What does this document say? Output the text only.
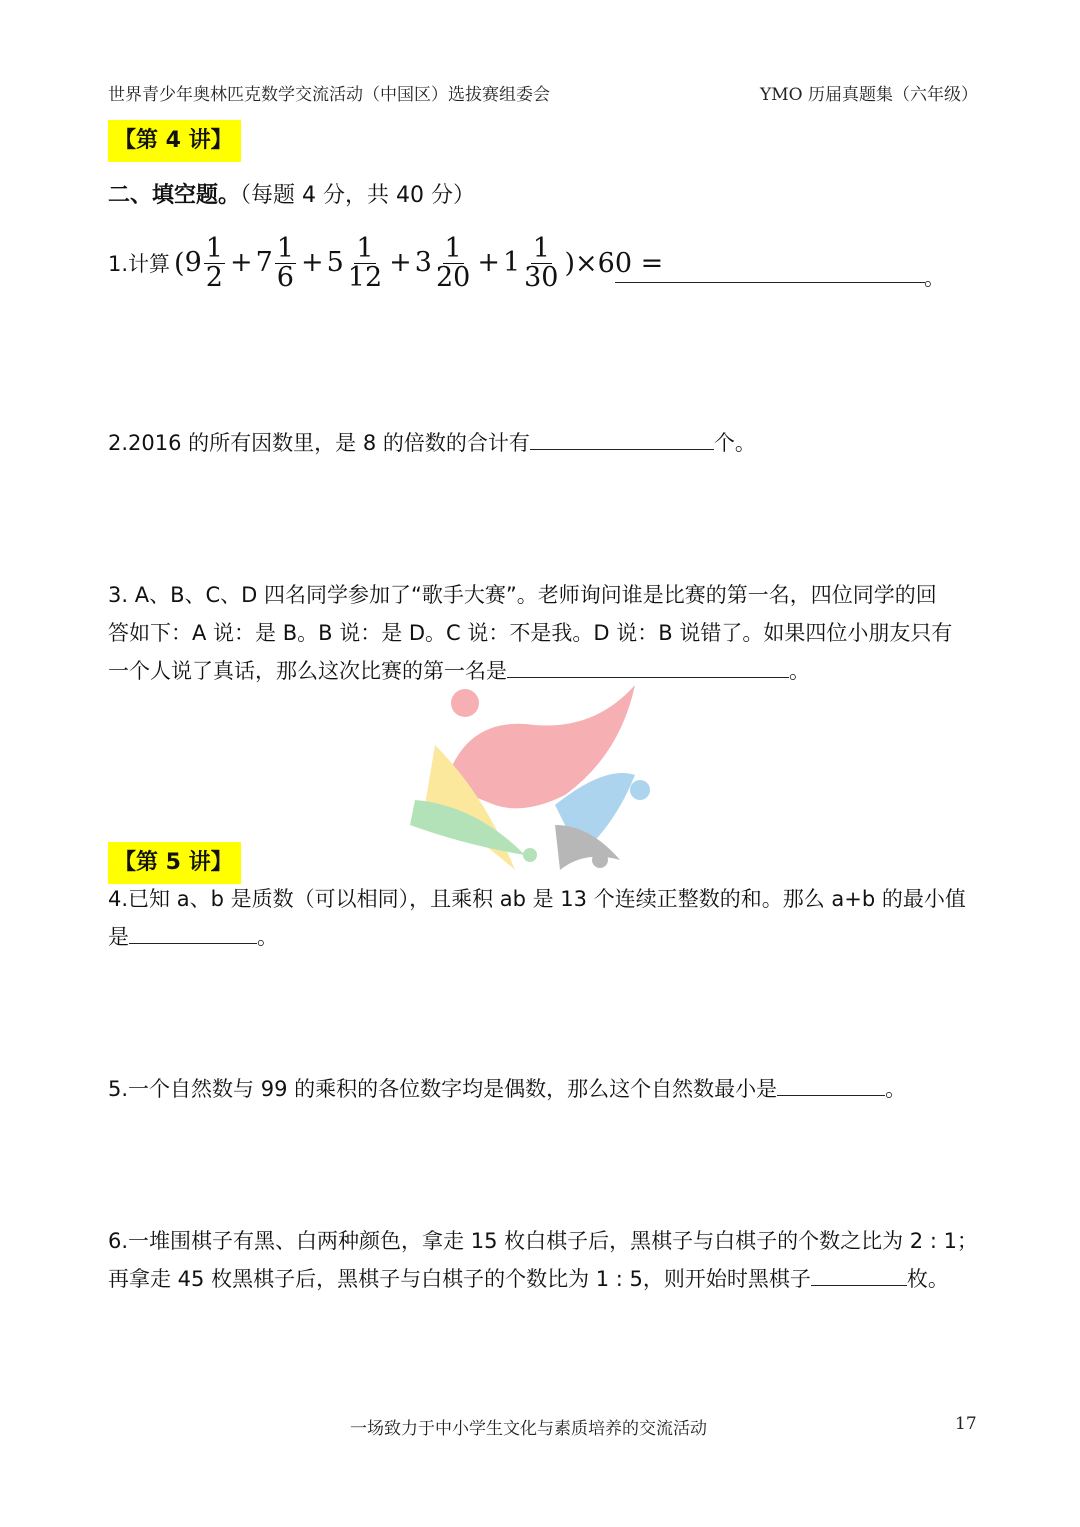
世界青少年奥林匹克数学交流活动（中国区）选拔赛组委会	YMO 历届真题集（六年级）
【第 4 讲】
二、填空题。（每题 4 分，共 40 分）
1.计算 ( $9 \frac{1}{2} + 7 \frac{1}{6} + 5 \frac{1}{12} + 3 \frac{1}{20} + 1 \frac{1}{30} )\times 60$ =	。
2.2016 的所有因数里，是 8 的倍数的合计有	个。
3. A、B、C、D 四名同学参加了“歌手大赛”。老师询问谁是比赛的第一名，四位同学的回
答如下：A 说：是 B。B 说：是 D。C 说：不是我。D 说：B 说错了。如果四位小朋友只有
一个人说了真话，那么这次比赛的第一名是	。
【第 5 讲】
4.已知 a、b 是质数（可以相同），且乘积 ab 是 13 个连续正整数的和。那么 a+b 的最小值
是	。
5.一个自然数与 99 的乘积的各位数字均是偶数，那么这个自然数最小是	。
6.一堆围棋子有黑、白两种颜色，拿走 15 枚白棋子后，黑棋子与白棋子的个数之比为 2 : 1；
再拿走 45 枚黑棋子后，黑棋子与白棋子的个数比为 1 : 5，则开始时黑棋子	枚。
一场致力于中小学生文化与素质培养的交流活动	17
